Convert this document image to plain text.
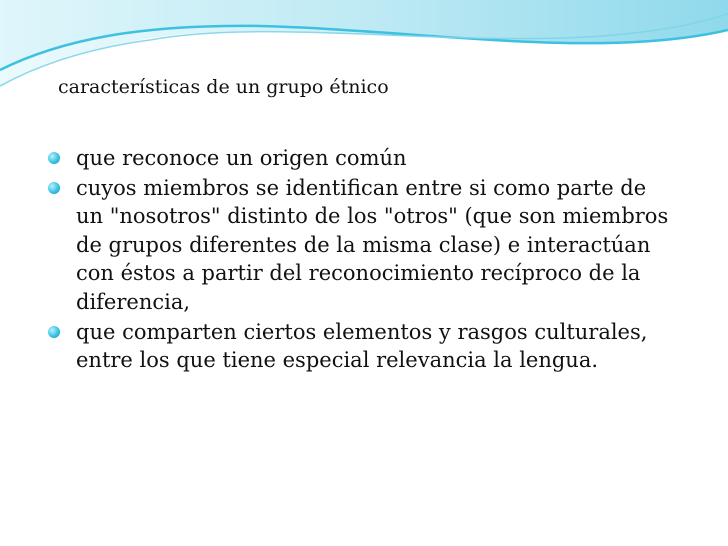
características de un grupo étnico
que reconoce un origen común
cuyos miembros se identifican entre si como parte de un "nosotros" distinto de los "otros" (que son miembros de grupos diferentes de la misma clase) e interactúan con éstos a partir del reconocimiento recíproco de la diferencia,
que comparten ciertos elementos y rasgos culturales, entre los que tiene especial relevancia la lengua.
